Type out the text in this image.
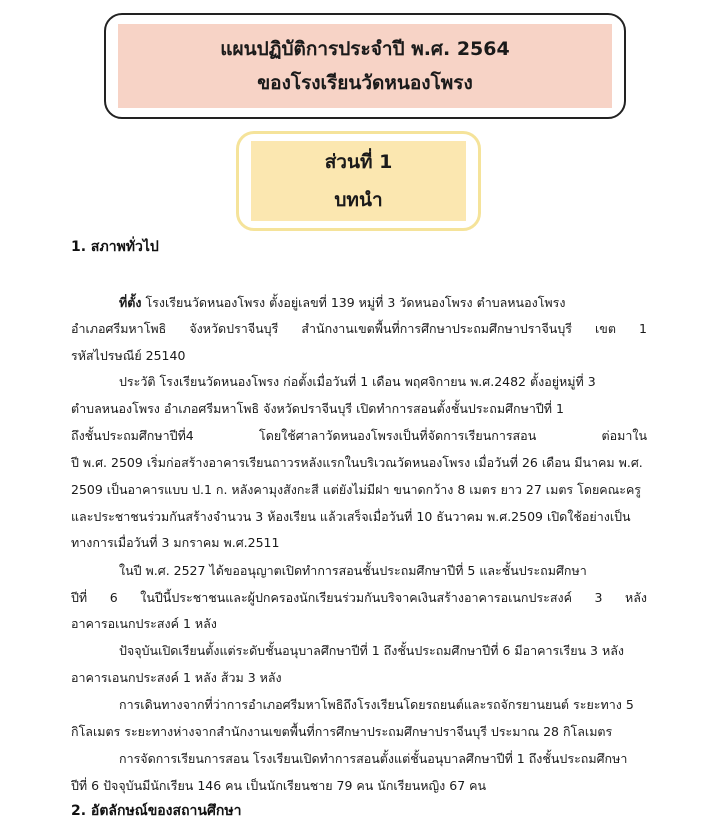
แผนปฏิบัติการประจำปี พ.ศ. 2564
ของโรงเรียนวัดหนองโพรง
ส่วนที่ 1
บทนำ
1. สภาพทั่วไป
ที่ตั้ง โรงเรียนวัดหนองโพรง ตั้งอยู่เลขที่ 139 หมู่ที่ 3 วัดหนองโพรง ตำบลหนองโพรง
อำเภอศรีมหาโพธิ จังหวัดปราจีนบุรี สำนักงานเขตพื้นที่การศึกษาประถมศึกษาปราจีนบุรี เขต 1
รหัสไปรษณีย์ 25140
ประวัติ โรงเรียนวัดหนองโพรง ก่อตั้งเมื่อวันที่ 1 เดือน พฤศจิกายน พ.ศ.2482 ตั้งอยู่หมู่ที่ 3
ตำบลหนองโพรง อำเภอศรีมหาโพธิ จังหวัดปราจีนบุรี เปิดทำการสอนตั้งชั้นประถมศึกษาปีที่ 1
ถึงชั้นประถมศึกษาปีที่4 โดยใช้ศาลาวัดหนองโพรงเป็นที่จัดการเรียนการสอน ต่อมาใน
ปี พ.ศ. 2509 เริ่มก่อสร้างอาคารเรียนถาวรหลังแรกในบริเวณวัดหนองโพรง เมื่อวันที่ 26 เดือน มีนาคม พ.ศ.
2509 เป็นอาคารแบบ ป.1 ก. หลังคามุงสังกะสี แต่ยังไม่มีฝา ขนาดกว้าง 8 เมตร ยาว 27 เมตร โดยคณะครู
และประชาชนร่วมกันสร้างจำนวน 3 ห้องเรียน แล้วเสร็จเมื่อวันที่ 10 ธันวาคม พ.ศ.2509 เปิดใช้อย่างเป็น
ทางการเมื่อวันที่ 3 มกราคม พ.ศ.2511
ในปี พ.ศ. 2527 ได้ขออนุญาตเปิดทำการสอนชั้นประถมศึกษาปีที่ 5 และชั้นประถมศึกษา
ปีที่ 6 ในปีนี้ประชาชนและผู้ปกครองนักเรียนร่วมกันบริจาคเงินสร้างอาคารอเนกประสงค์ 3 หลัง
อาคารอเนกประสงค์ 1 หลัง
ปัจจุบันเปิดเรียนตั้งแต่ระดับชั้นอนุบาลศึกษาปีที่ 1 ถึงชั้นประถมศึกษาปีที่ 6 มีอาคารเรียน 3 หลัง
อาคารเอนกประสงค์ 1 หลัง ส้วม 3 หลัง
การเดินทางจากที่ว่าการอำเภอศรีมหาโพธิถึงโรงเรียนโดยรถยนต์และรถจักรยานยนต์ ระยะทาง 5
กิโลเมตร ระยะทางห่างจากสำนักงานเขตพื้นที่การศึกษาประถมศึกษาปราจีนบุรี ประมาณ 28 กิโลเมตร
การจัดการเรียนการสอน โรงเรียนเปิดทำการสอนตั้งแต่ชั้นอนุบาลศึกษาปีที่ 1 ถึงชั้นประถมศึกษา
ปีที่ 6 ปัจจุบันมีนักเรียน 146 คน เป็นนักเรียนชาย 79 คน นักเรียนหญิง 67 คน
2. อัตลักษณ์ของสถานศึกษา
